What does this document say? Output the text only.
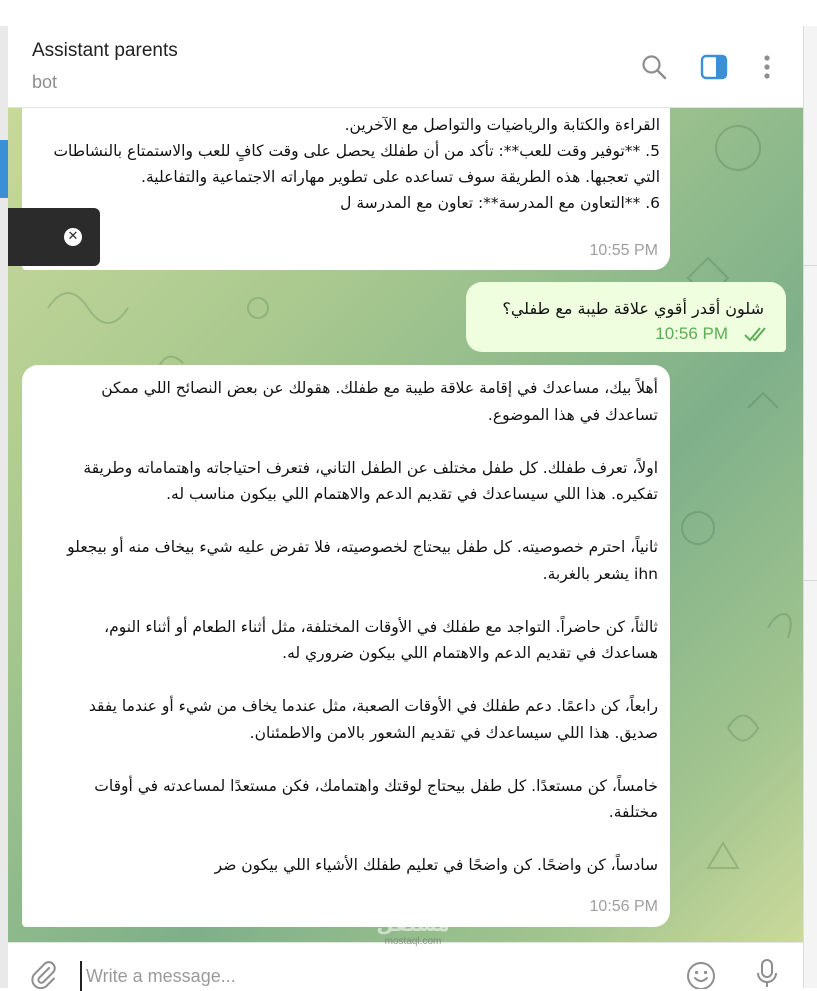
Assistant parents
bot
✕
القراءة والكتابة والرياضيات والتواصل مع الآخرين.
5. **توفير وقت للعب**: تأكد من أن طفلك يحصل على وقت كافٍ للعب والاستمتاع بالنشاطات التي تعجبها. هذه الطريقة سوف تساعده على تطوير مهاراته الاجتماعية والتفاعلية.
6. **التعاون مع المدرسة**: تعاون مع المدرسة ل
10:55 PM
شلون أقدر أقوي علاقة طيبة مع طفلي؟
10:56 PM
أهلاً بيك، مساعدك في إقامة علاقة طيبة مع طفلك. هقولك عن بعض النصائح اللي ممكن تساعدك في هذا الموضوع.

اولاً، تعرف طفلك. كل طفل مختلف عن الطفل التاني، فتعرف احتياجاته واهتماماته وطريقة تفكيره. هذا اللي سيساعدك في تقديم الدعم والاهتمام اللي بيكون مناسب له.

ثانياً، احترم خصوصيته. كل طفل بيحتاج لخصوصيته، فلا تفرض عليه شيء بيخاف منه أو بيجعلو ihn يشعر بالغربة.

ثالثاً، كن حاضراً. التواجد مع طفلك في الأوقات المختلفة، مثل أثناء الطعام أو أثناء النوم، هساعدك في تقديم الدعم والاهتمام اللي بيكون ضروري له.

رابعاً، كن داعمًا. دعم طفلك في الأوقات الصعبة، مثل عندما يخاف من شيء أو عندما يفقد صديق. هذا اللي سيساعدك في تقديم الشعور بالامن والاطمئنان.

خامساً، كن مستعدًا. كل طفل بيحتاج لوقتك واهتمامك، فكن مستعدًا لمساعدته في أوقات مختلفة.

سادساً، كن واضحًا. كن واضحًا في تعليم طفلك الأشياء اللي بيكون ضر
10:56 PM
مستقل
mostaql.com
Write a message...
